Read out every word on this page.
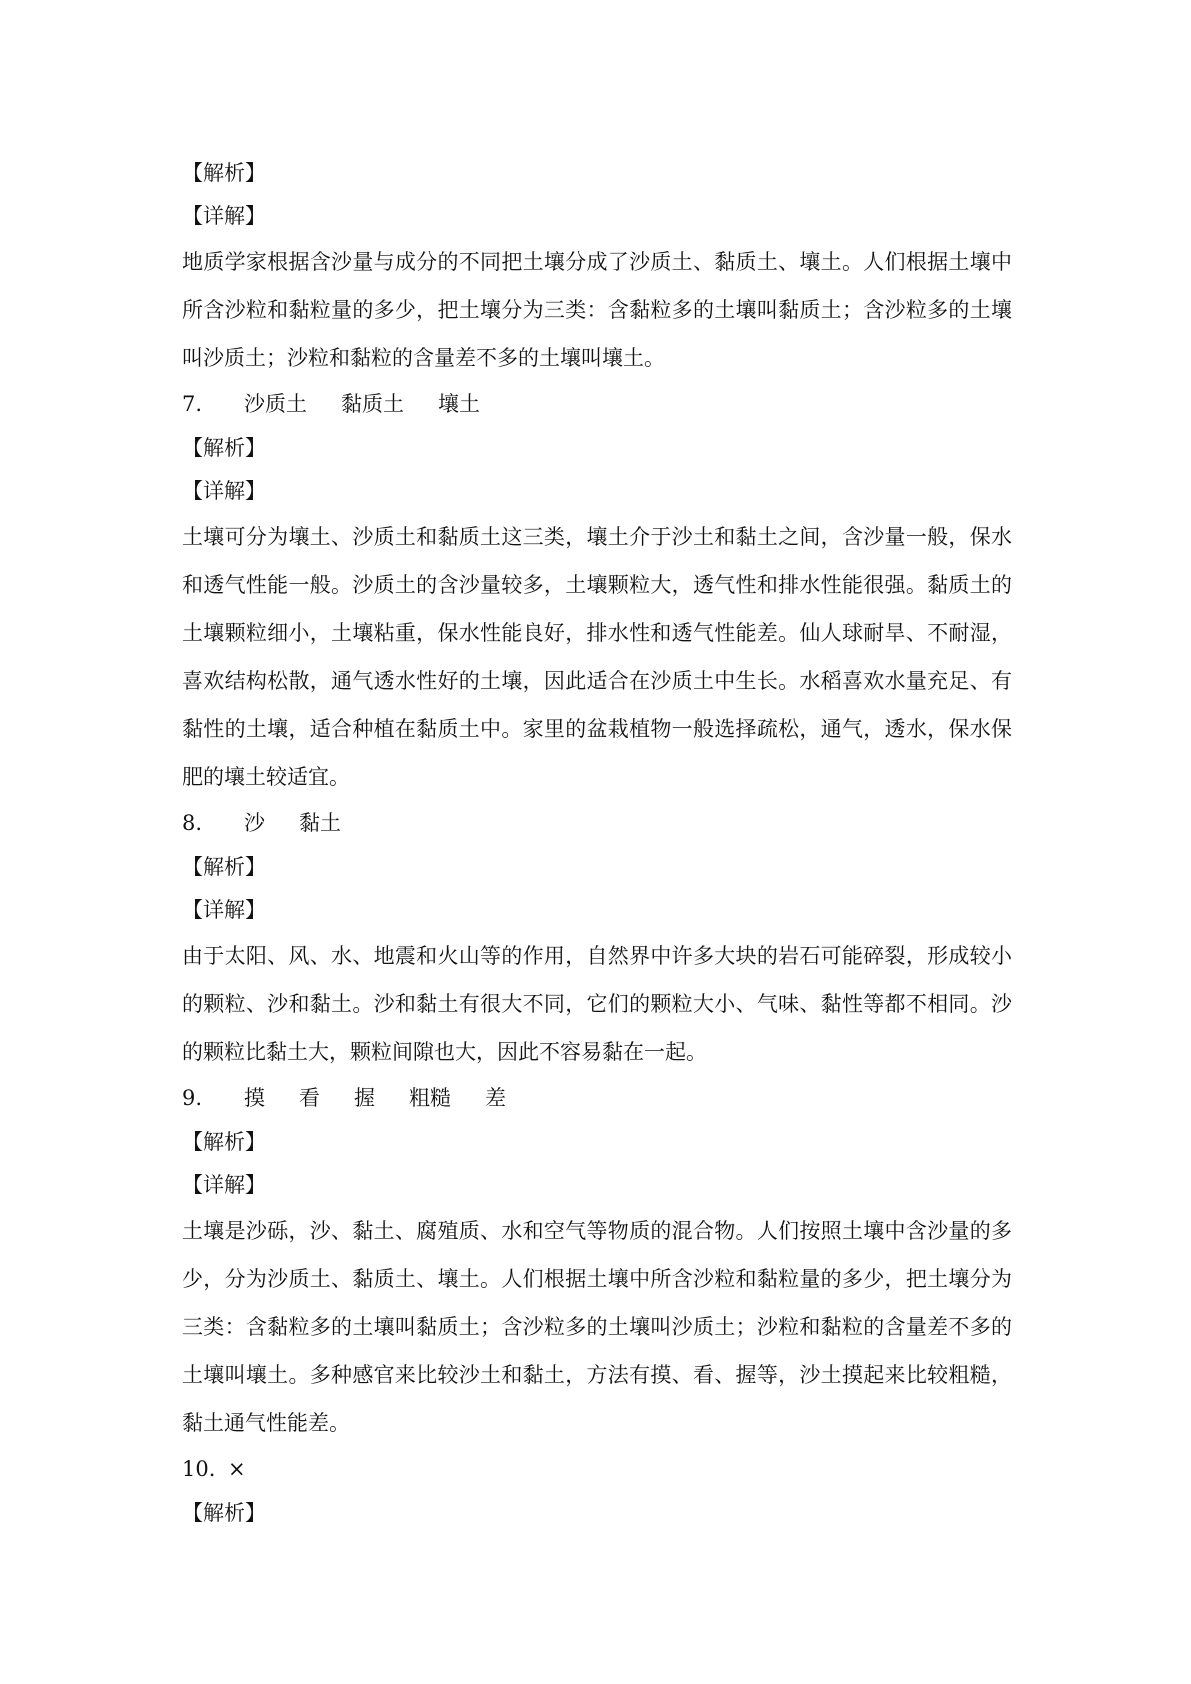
【解析】
【详解】
地质学家根据含沙量与成分的不同把土壤分成了沙质土、黏质土、壤土。人们根据土壤中所含沙粒和黏粒量的多少，把土壤分为三类：含黏粒多的土壤叫黏质土；含沙粒多的土壤叫沙质土；沙粒和黏粒的含量差不多的土壤叫壤土。
7. 沙质土 黏质土 壤土
【解析】
【详解】
土壤可分为壤土、沙质土和黏质土这三类，壤土介于沙土和黏土之间，含沙量一般，保水和透气性能一般。沙质土的含沙量较多，土壤颗粒大，透气性和排水性能很强。黏质土的土壤颗粒细小，土壤粘重，保水性能良好，排水性和透气性能差。仙人球耐旱、不耐湿，喜欢结构松散，通气透水性好的土壤，因此适合在沙质土中生长。水稻喜欢水量充足、有黏性的土壤，适合种植在黏质土中。家里的盆栽植物一般选择疏松，通气，透水，保水保肥的壤土较适宜。
8. 沙 黏土
【解析】
【详解】
由于太阳、风、水、地震和火山等的作用，自然界中许多大块的岩石可能碎裂，形成较小的颗粒、沙和黏土。沙和黏土有很大不同，它们的颗粒大小、气味、黏性等都不相同。沙的颗粒比黏土大，颗粒间隙也大，因此不容易黏在一起。
9. 摸 看 握 粗糙 差
【解析】
【详解】
土壤是沙砾，沙、黏土、腐殖质、水和空气等物质的混合物。人们按照土壤中含沙量的多少，分为沙质土、黏质土、壤土。人们根据土壤中所含沙粒和黏粒量的多少，把土壤分为三类：含黏粒多的土壤叫黏质土；含沙粒多的土壤叫沙质土；沙粒和黏粒的含量差不多的土壤叫壤土。多种感官来比较沙土和黏土，方法有摸、看、握等，沙土摸起来比较粗糙，黏土通气性能差。
10. ×
【解析】
